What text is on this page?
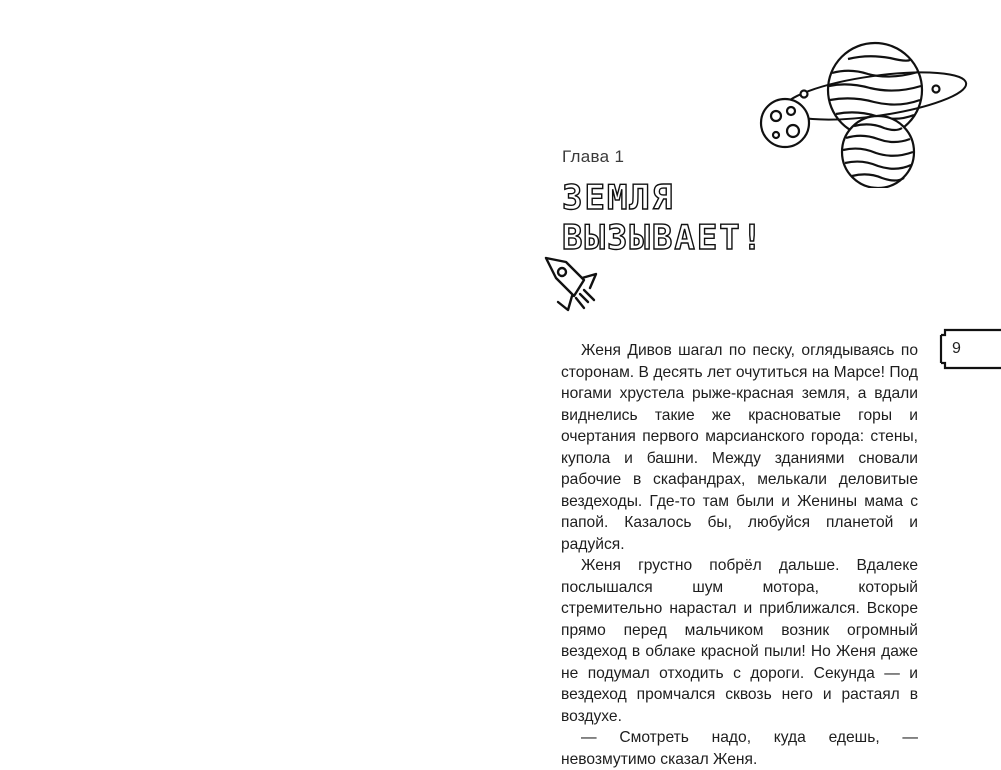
Глава 1
ЗЕМЛЯ
ВЫЗЫВАЕТ!
9

Женя Дивов шагал по песку, оглядываясь по сторонам. В десять лет очутиться на Марсе! Под ногами хрустела рыже-красная земля, а вдали виднелись такие же красноватые горы и очертания первого марсианского города: стены, купола и башни. Между зданиями сновали рабочие в скафандрах, мелькали деловитые вездеходы. Где-то там были и Женины мама с папой. Казалось бы, любуйся планетой и радуйся.

Женя грустно побрёл дальше. Вдалеке послышался шум мотора, который стремительно нарастал и приближался. Вскоре прямо перед мальчиком возник огромный вездеход в облаке красной пыли! Но Женя даже не подумал отходить с дороги. Секунда — и вездеход промчался сквозь него и растаял в воздухе.

— Смотреть надо, куда едешь, — невозмутимо сказал Женя.
